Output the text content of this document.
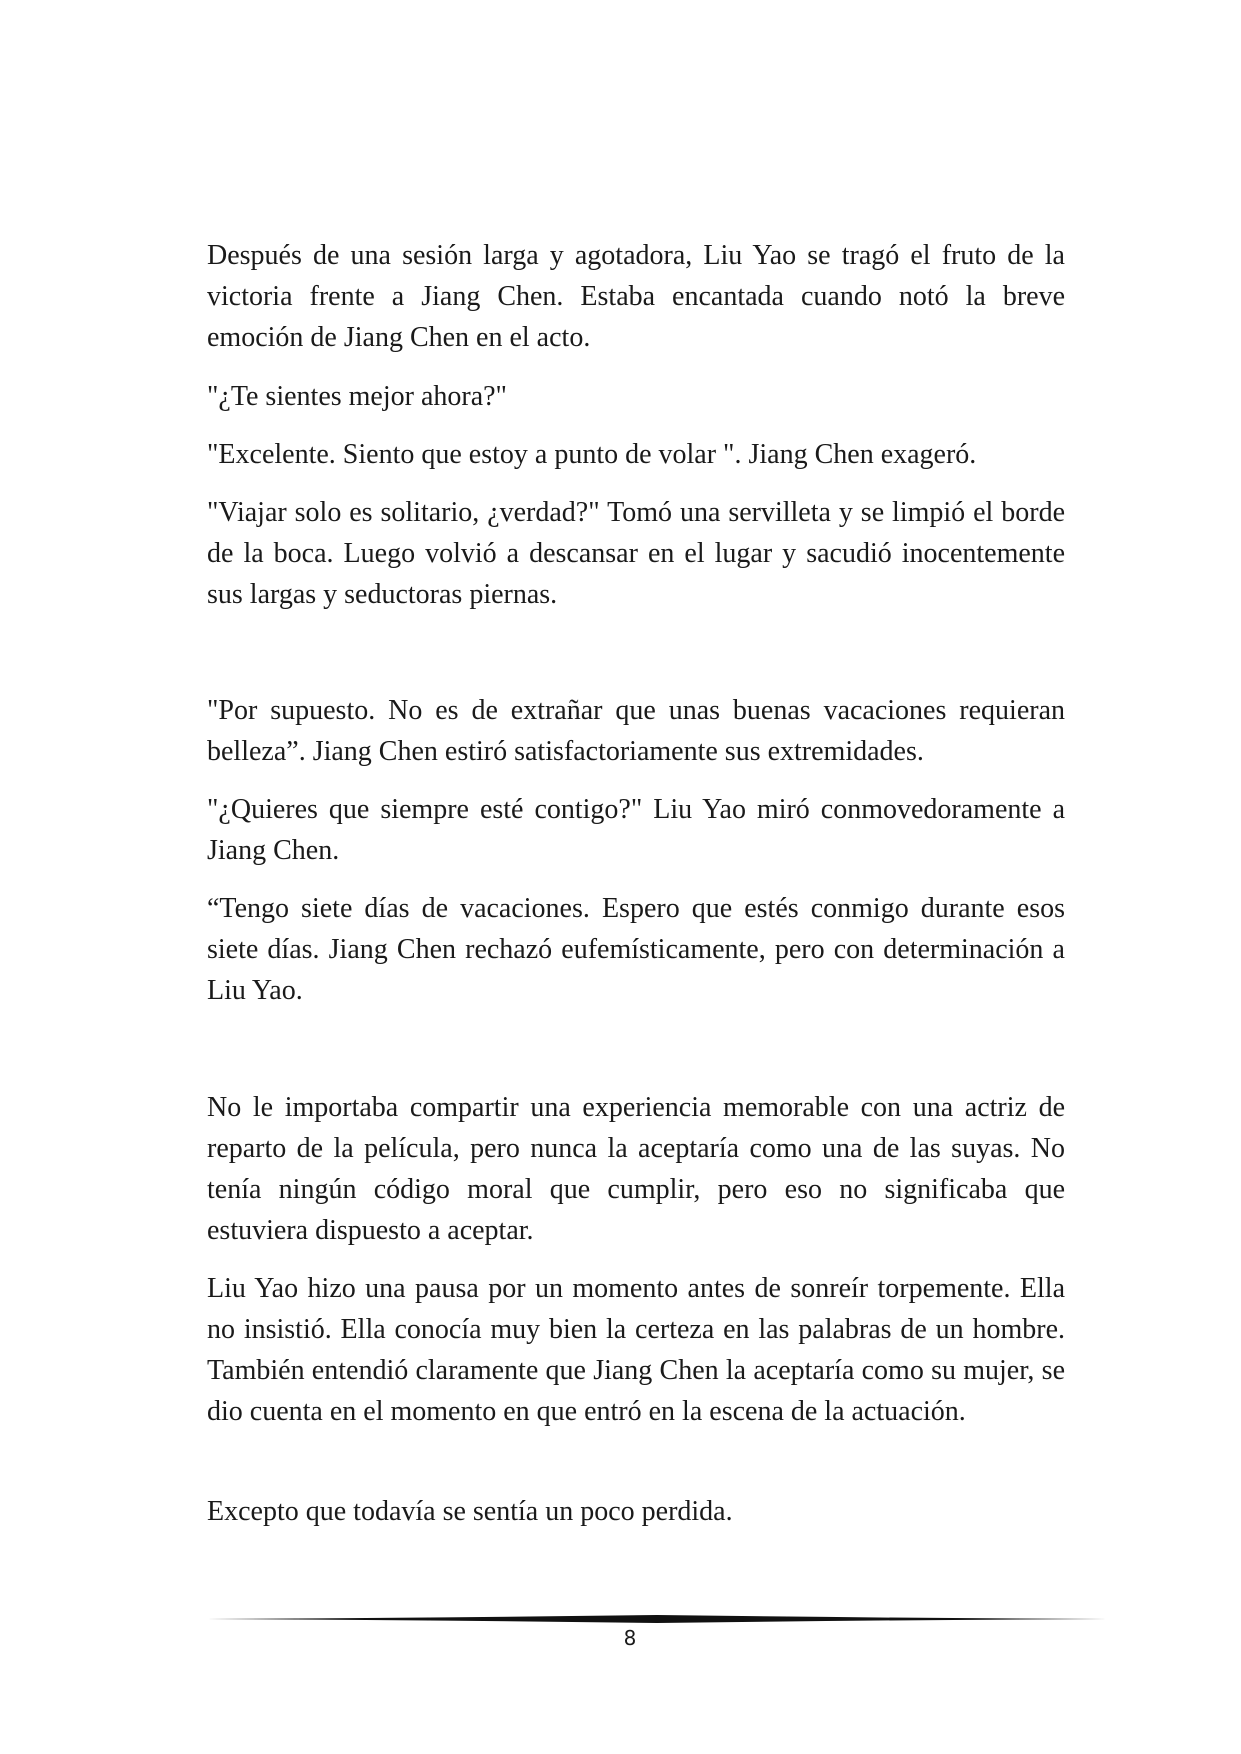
Después de una sesión larga y agotadora, Liu Yao se tragó el fruto de la victoria frente a Jiang Chen. Estaba encantada cuando notó la breve emoción de Jiang Chen en el acto.

"¿Te sientes mejor ahora?"

"Excelente. Siento que estoy a punto de volar ". Jiang Chen exageró.

"Viajar solo es solitario, ¿verdad?" Tomó una servilleta y se limpió el borde de la boca. Luego volvió a descansar en el lugar y sacudió inocentemente sus largas y seductoras piernas.

"Por supuesto. No es de extrañar que unas buenas vacaciones requieran belleza”. Jiang Chen estiró satisfactoriamente sus extremidades.

"¿Quieres que siempre esté contigo?" Liu Yao miró conmovedoramente a Jiang Chen.

“Tengo siete días de vacaciones. Espero que estés conmigo durante esos siete días. Jiang Chen rechazó eufemísticamente, pero con determinación a Liu Yao.

No le importaba compartir una experiencia memorable con una actriz de reparto de la película, pero nunca la aceptaría como una de las suyas. No tenía ningún código moral que cumplir, pero eso no significaba que estuviera dispuesto a aceptar.

Liu Yao hizo una pausa por un momento antes de sonreír torpemente. Ella no insistió. Ella conocía muy bien la certeza en las palabras de un hombre. También entendió claramente que Jiang Chen la aceptaría como su mujer, se dio cuenta en el momento en que entró en la escena de la actuación.

Excepto que todavía se sentía un poco perdida.

8
